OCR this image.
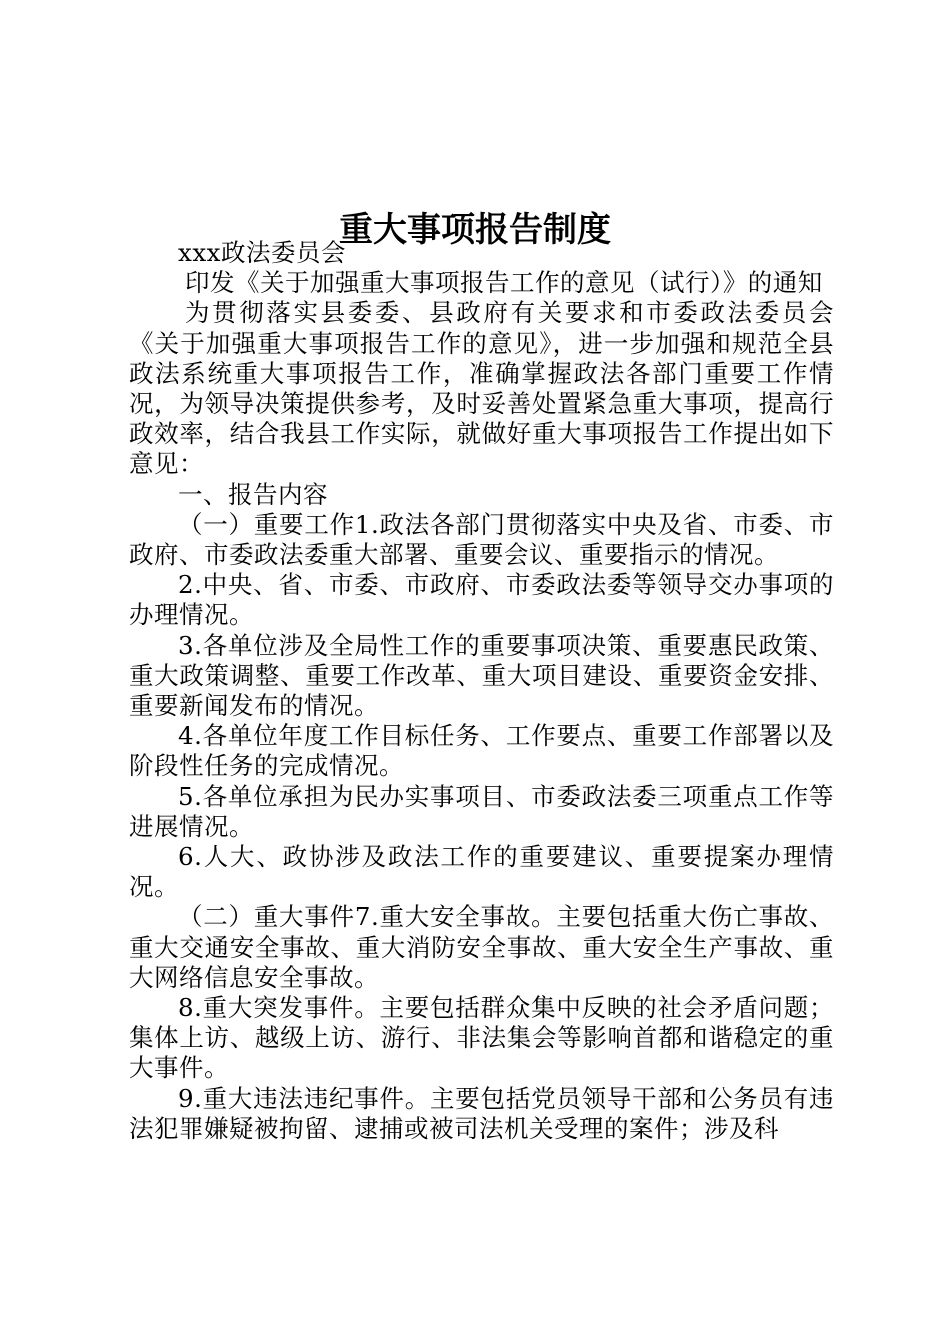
重大事项报告制度

xxx政法委员会

印发《关于加强重大事项报告工作的意见（试行）》的通知

为贯彻落实县委委、县政府有关要求和市委政法委员会《关于加强重大事项报告工作的意见》，进一步加强和规范全县政法系统重大事项报告工作，准确掌握政法各部门重要工作情况，为领导决策提供参考，及时妥善处置紧急重大事项，提高行政效率，结合我县工作实际，就做好重大事项报告工作提出如下意见：

一、报告内容

（一）重要工作1.政法各部门贯彻落实中央及省、市委、市政府、市委政法委重大部署、重要会议、重要指示的情况。

2.中央、省、市委、市政府、市委政法委等领导交办事项的办理情况。

3.各单位涉及全局性工作的重要事项决策、重要惠民政策、重大政策调整、重要工作改革、重大项目建设、重要资金安排、重要新闻发布的情况。

4.各单位年度工作目标任务、工作要点、重要工作部署以及阶段性任务的完成情况。

5.各单位承担为民办实事项目、市委政法委三项重点工作等进展情况。

6.人大、政协涉及政法工作的重要建议、重要提案办理情况。

（二）重大事件7.重大安全事故。主要包括重大伤亡事故、重大交通安全事故、重大消防安全事故、重大安全生产事故、重大网络信息安全事故。

8.重大突发事件。主要包括群众集中反映的社会矛盾问题；集体上访、越级上访、游行、非法集会等影响首都和谐稳定的重大事件。

9.重大违法违纪事件。主要包括党员领导干部和公务员有违法犯罪嫌疑被拘留、逮捕或被司法机关受理的案件；涉及科
